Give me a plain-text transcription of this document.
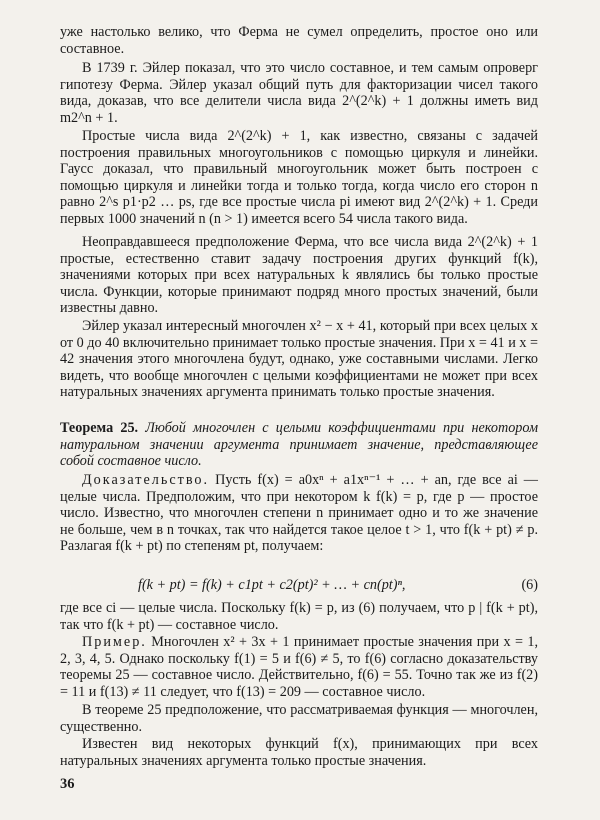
уже настолько велико, что Ферма не сумел определить, простое оно или составное.

В 1739 г. Эйлер показал, что это число составное, и тем самым опроверг гипотезу Ферма. Эйлер указал общий путь для факторизации чисел такого вида, доказав, что все делители числа вида 2^(2^k) + 1 должны иметь вид m2^n + 1.

Простые числа вида 2^(2^k) + 1, как известно, связаны с задачей построения правильных многоугольников с помощью циркуля и линейки. Гаусс доказал, что правильный многоугольник может быть построен с помощью циркуля и линейки тогда и только тогда, когда число его сторон n равно 2^s p1·p2 … ps, где все простые числа pi имеют вид 2^(2^k) + 1. Среди первых 1000 значений n (n > 1) имеется всего 54 числа такого вида.

Неоправдавшееся предположение Ферма, что все числа вида 2^(2^k) + 1 простые, естественно ставит задачу построения других функций f(k), значениями которых при всех натуральных k являлись бы только простые числа. Функции, которые принимают подряд много простых значений, были известны давно.

Эйлер указал интересный многочлен x² − x + 41, который при всех целых x от 0 до 40 включительно принимает только простые значения. При x = 41 и x = 42 значения этого многочлена будут, однако, уже составными числами. Легко видеть, что вообще многочлен с целыми коэффициентами не может при всех натуральных значениях аргумента принимать только простые значения.

Теорема 25. Любой многочлен с целыми коэффициентами при некотором натуральном значении аргумента принимает значение, представляющее собой составное число.

Доказательство. Пусть f(x) = a0xⁿ + a1xⁿ⁻¹ + … + an, где все ai — целые числа. Предположим, что при некотором k f(k) = p, где p — простое число. Известно, что многочлен степени n принимает одно и то же значение не больше, чем в n точках, так что найдется такое целое t > 1, что f(k + pt) ≠ p. Разлагая f(k + pt) по степеням pt, получаем:

f(k + pt) = f(k) + c1pt + c2(pt)² + … + cn(pt)ⁿ,	(6)

где все ci — целые числа. Поскольку f(k) = p, из (6) получаем, что p | f(k + pt), так что f(k + pt) — составное число.

Пример. Многочлен x² + 3x + 1 принимает простые значения при x = 1, 2, 3, 4, 5. Однако поскольку f(1) = 5 и f(6) ≠ 5, то f(6) согласно доказательству теоремы 25 — составное число. Действительно, f(6) = 55. Точно так же из f(2) = 11 и f(13) ≠ 11 следует, что f(13) = 209 — составное число.

В теореме 25 предположение, что рассматриваемая функция — многочлен, существенно.

Известен вид некоторых функций f(x), принимающих при всех натуральных значениях аргумента только простые значения.

36
